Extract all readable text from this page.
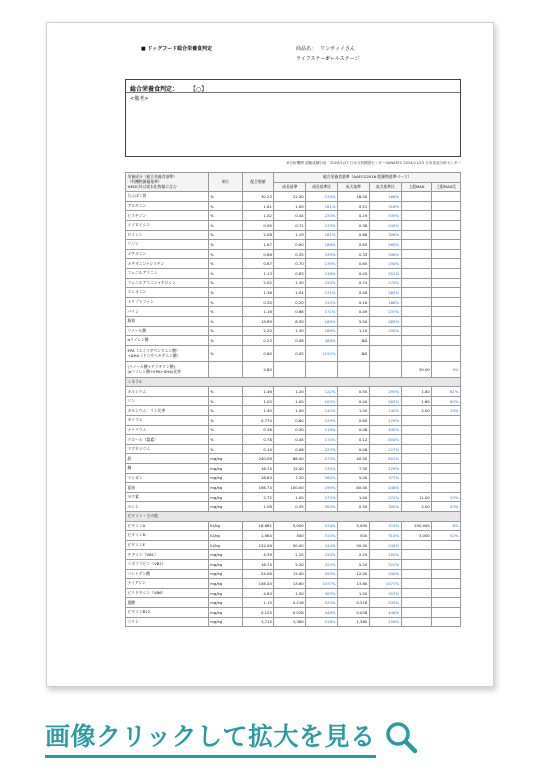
■ ドッグフード総合栄養食判定	商品名： ワンポッイさん
ライフステージ：
オールステージ
総合栄養食判定： 【○】
<備考>
※分析機関 試験成績引用：2020/1/27 日本分析開発センターSUNATEC 2024/11/13 日本食品分析センター
栄養成分（総合栄養食基準）
（有機物測量基準）
※EDC外は炭水化物量に含む	単位	配合数値	総合栄養食基準（AAFCO2016 乾燥物基準ベース）					
			成長基準	成長基準比	成犬基準	成犬基準比	上限MAX	上限MAX比
たんぱく質	%	30.23	22.50	134%	18.00	168%		
アルギニン	%	1.61	1.00	161%	0.51	316%		
ヒスチジン	%	1.02	0.44	233%	0.19	539%		
イソロイシン	%	0.95	0.71	133%	0.38	249%		
ロイシン	%	2.08	1.29	161%	0.68	306%		
リジン	%	1.67	0.90	186%	0.63	265%		
メチオニン	%	0.68	0.35	195%	0.33	206%		
メチオニン+シスチン	%	0.67	0.70	139%	0.65	150%		
フェニルアラニン	%	1.13	0.83	136%	0.45	251%		
フェニルアラニン+チロシン	%	2.02	1.30	155%	0.74	273%		
スレオニン	%	1.36	1.04	131%	0.48	283%		
トリプトファン	%	0.30	0.20	152%	0.16	188%		
バリン	%	1.16	0.68	171%	0.49	237%		
脂質	%	15.69	8.50	185%	5.50	285%		
リノール酸	%	2.20	1.30	169%	1.10	200%		
αリノレン酸	%	0.23	0.08	288%	ND			
EPA（エイコサペンタエン酸）
+DHA（ドコサヘキサエン酸）	%	0.60	0.05	1192%	ND			
(リノール酸+アラキドン酸)：
(αリノレン酸+EPA+DHA)比率		2.80					30.00	9%
ミネラル								
カルシウム	%	1.46	1.20	122%	0.50	293%	1.80	81%
リン	%	1.05	1.00	105%	0.40	262%	1.60	65%
カルシウム：リン比率	%	1.40	1.00	140%	1.00	140%	2.00	70%
カリウム	%	0.774	0.60	129%	0.60	129%		
ナトリウム	%	0.36	0.30	119%	0.08	445%		
クロール（塩素）	%	0.78	0.45	174%	0.12	654%		
マグネシウム	%	0.14	0.06	227%	0.06	227%		
鉄	mg/kg	240.09	88.00	273%	40.00	601%		
銅	mg/kg	16.74	12.40	135%	7.30	229%		
マンガン	mg/kg	18.63	7.20	262%	5.00	377%		
亜鉛	mg/kg	198.74	100.00	199%	80.00	248%		
ヨウ素	mg/kg	2.72	1.00	272%	1.00	272%	11.00	25%
セレン	mg/kg	1.06	0.35	300%	0.35	300%	2.00	53%
ビタミン・その他								
ビタミンA	IU/kg	18,681	5,000	374%	5,000	374%	250,000	8%
ビタミンD	IU/kg	1,584	500	314%	500	314%	3,000	52%
ビタミンE	IU/kg	122.09	50.00	244%	50.00	244%		
チアミン（VB1）	mg/kg	4.39	2.25	155%	2.25	155%		
リボフラビン（VB2）	mg/kg	16.74	5.20	322%	5.20	322%		
パントテン酸	mg/kg	24.06	12.00	200%	12.00	200%		
ナイアシン	mg/kg	146.44	13.60	1077%	13.60	1077%		
ピリドキシン（VB6）	mg/kg	4.63	1.50	307%	1.50	307%		
葉酸	mg/kg	1.15	0.216	533%	0.216	533%		
ビタミンB12	mg/kg	0.125	0.028	448%	0.028	448%		
コリン	mg/kg	1,715	1,360	126%	1,360	126%		
画像クリックして拡大を見る
